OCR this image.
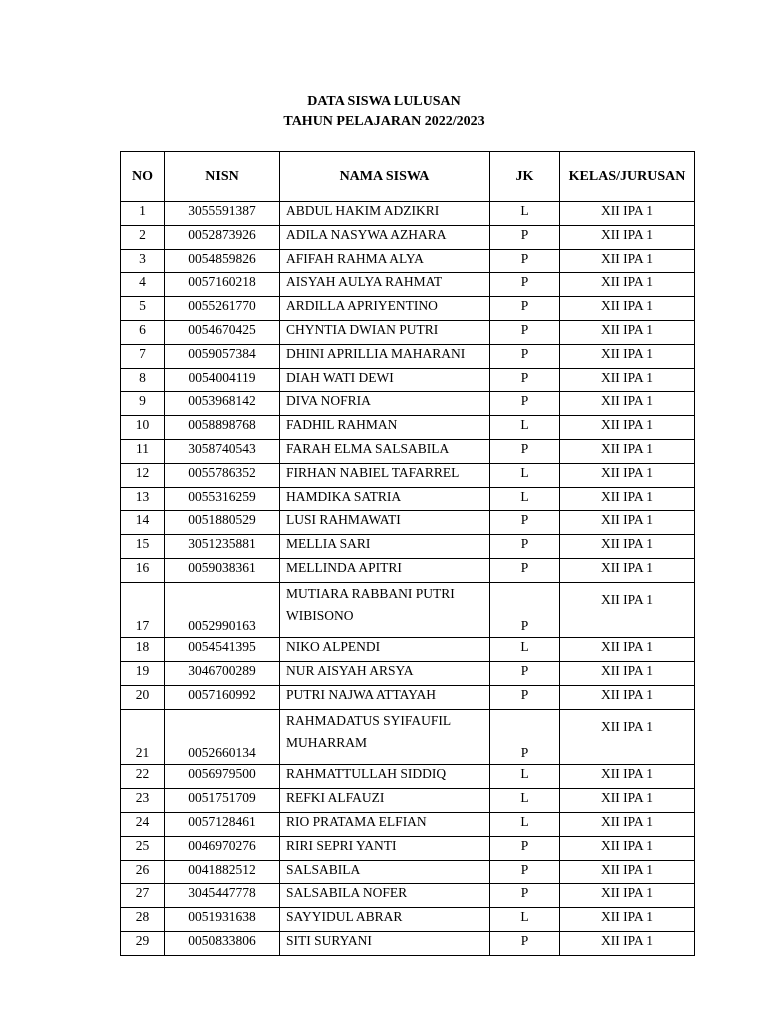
DATA SISWA LULUSAN
TAHUN PELAJARAN 2022/2023
NO	NISN	NAMA SISWA	JK	KELAS/JURUSAN
1	3055591387	ABDUL HAKIM ADZIKRI	L	XII IPA 1
2	0052873926	ADILA NASYWA AZHARA	P	XII IPA 1
3	0054859826	AFIFAH RAHMA ALYA	P	XII IPA 1
4	0057160218	AISYAH AULYA RAHMAT	P	XII IPA 1
5	0055261770	ARDILLA APRIYENTINO	P	XII IPA 1
6	0054670425	CHYNTIA DWIAN PUTRI	P	XII IPA 1
7	0059057384	DHINI APRILLIA MAHARANI	P	XII IPA 1
8	0054004119	DIAH WATI DEWI	P	XII IPA 1
9	0053968142	DIVA NOFRIA	P	XII IPA 1
10	0058898768	FADHIL RAHMAN	L	XII IPA 1
11	3058740543	FARAH ELMA SALSABILA	P	XII IPA 1
12	0055786352	FIRHAN NABIEL TAFARREL	L	XII IPA 1
13	0055316259	HAMDIKA SATRIA	L	XII IPA 1
14	0051880529	LUSI RAHMAWATI	P	XII IPA 1
15	3051235881	MELLIA SARI	P	XII IPA 1
16	0059038361	MELLINDA APITRI	P	XII IPA 1
17	0052990163	MUTIARA RABBANI PUTRI
WIBISONO	P	XII IPA 1
18	0054541395	NIKO ALPENDI	L	XII IPA 1
19	3046700289	NUR AISYAH ARSYA	P	XII IPA 1
20	0057160992	PUTRI NAJWA ATTAYAH	P	XII IPA 1
21	0052660134	RAHMADATUS SYIFAUFIL
MUHARRAM	P	XII IPA 1
22	0056979500	RAHMATTULLAH SIDDIQ	L	XII IPA 1
23	0051751709	REFKI ALFAUZI	L	XII IPA 1
24	0057128461	RIO PRATAMA ELFIAN	L	XII IPA 1
25	0046970276	RIRI SEPRI YANTI	P	XII IPA 1
26	0041882512	SALSABILA	P	XII IPA 1
27	3045447778	SALSABILA NOFER	P	XII IPA 1
28	0051931638	SAYYIDUL ABRAR	L	XII IPA 1
29	0050833806	SITI SURYANI	P	XII IPA 1
